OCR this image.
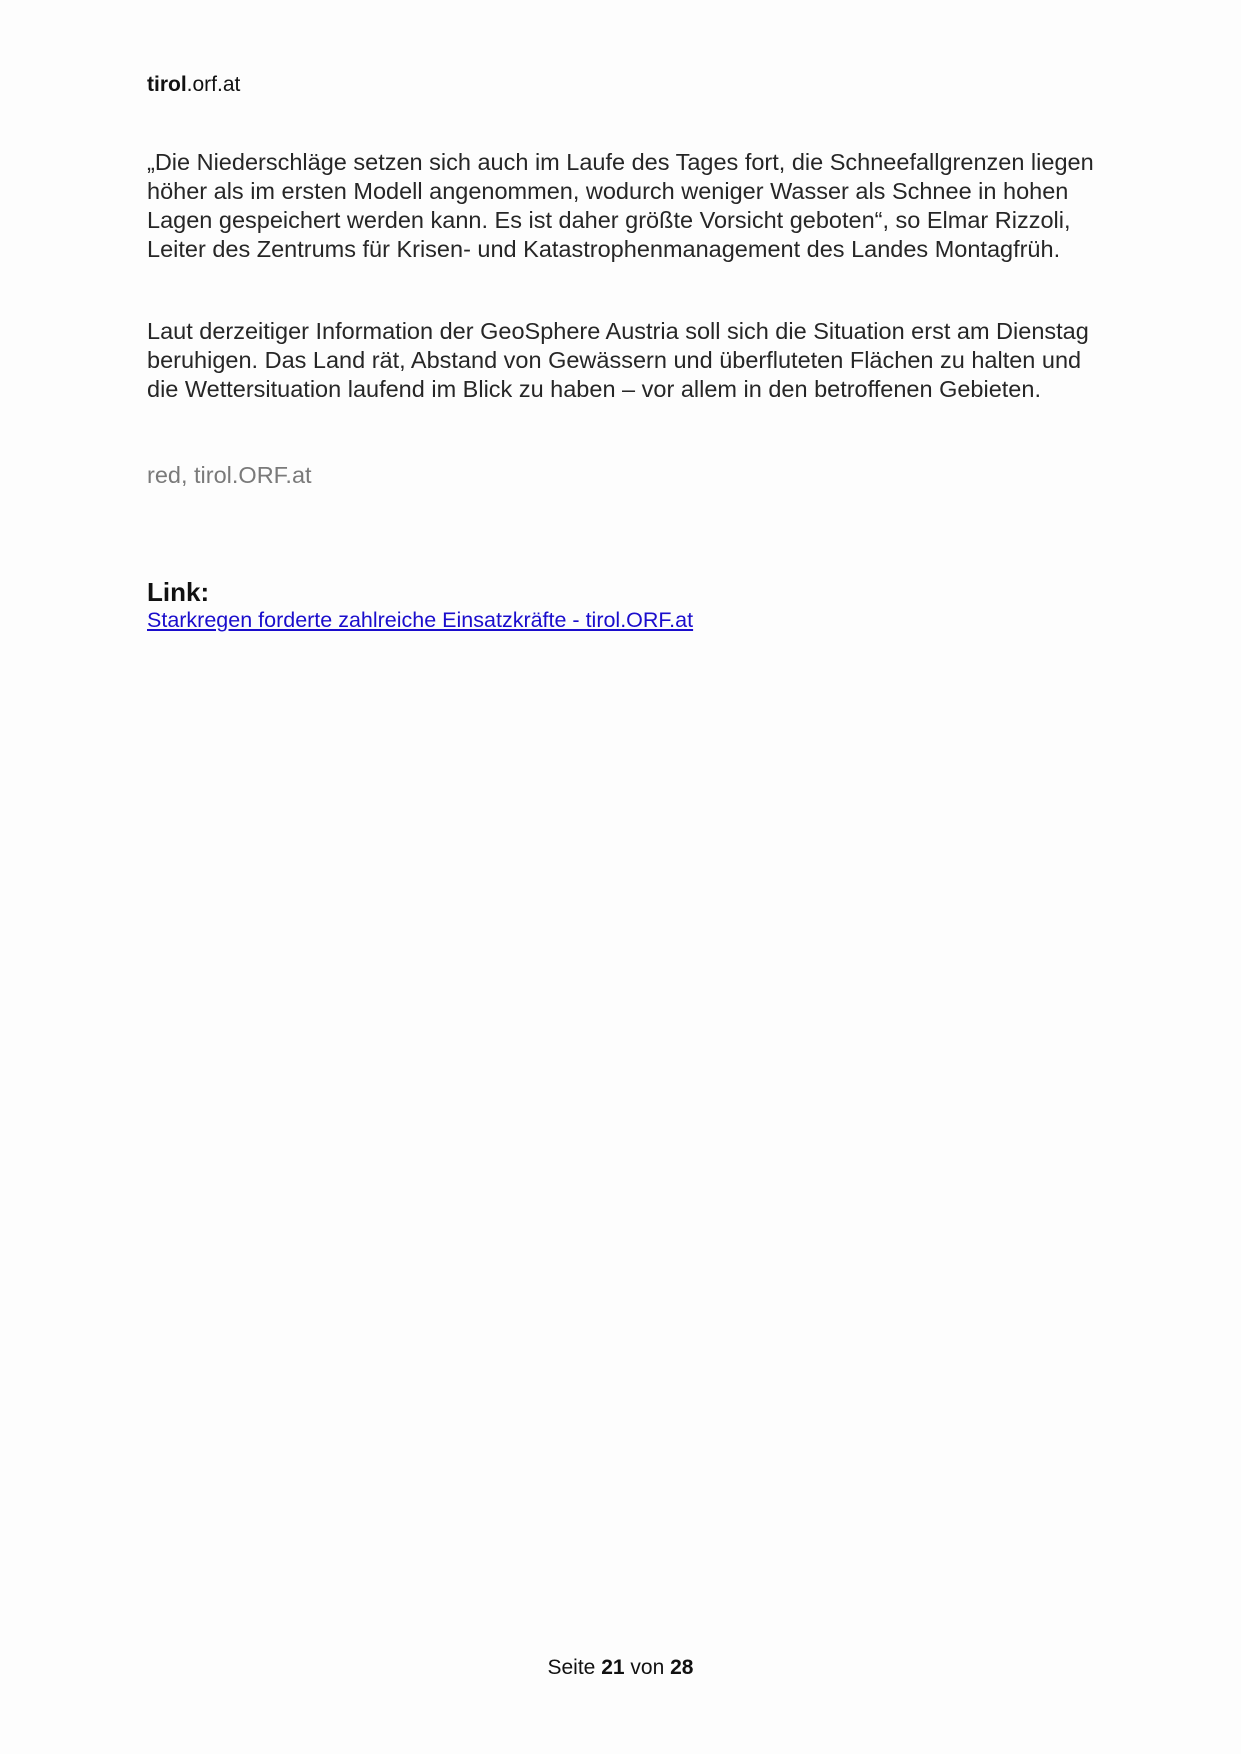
tirol.orf.at

„Die Niederschläge setzen sich auch im Laufe des Tages fort, die Schneefallgrenzen liegen höher als im ersten Modell angenommen, wodurch weniger Wasser als Schnee in hohen Lagen gespeichert werden kann. Es ist daher größte Vorsicht geboten“, so Elmar Rizzoli, Leiter des Zentrums für Krisen- und Katastrophenmanagement des Landes Montagfrüh.

Laut derzeitiger Information der GeoSphere Austria soll sich die Situation erst am Dienstag beruhigen. Das Land rät, Abstand von Gewässern und überfluteten Flächen zu halten und die Wettersituation laufend im Blick zu haben – vor allem in den betroffenen Gebieten.

red, tirol.ORF.at
Link:
Starkregen forderte zahlreiche Einsatzkräfte - tirol.ORF.at
Seite 21 von 28
